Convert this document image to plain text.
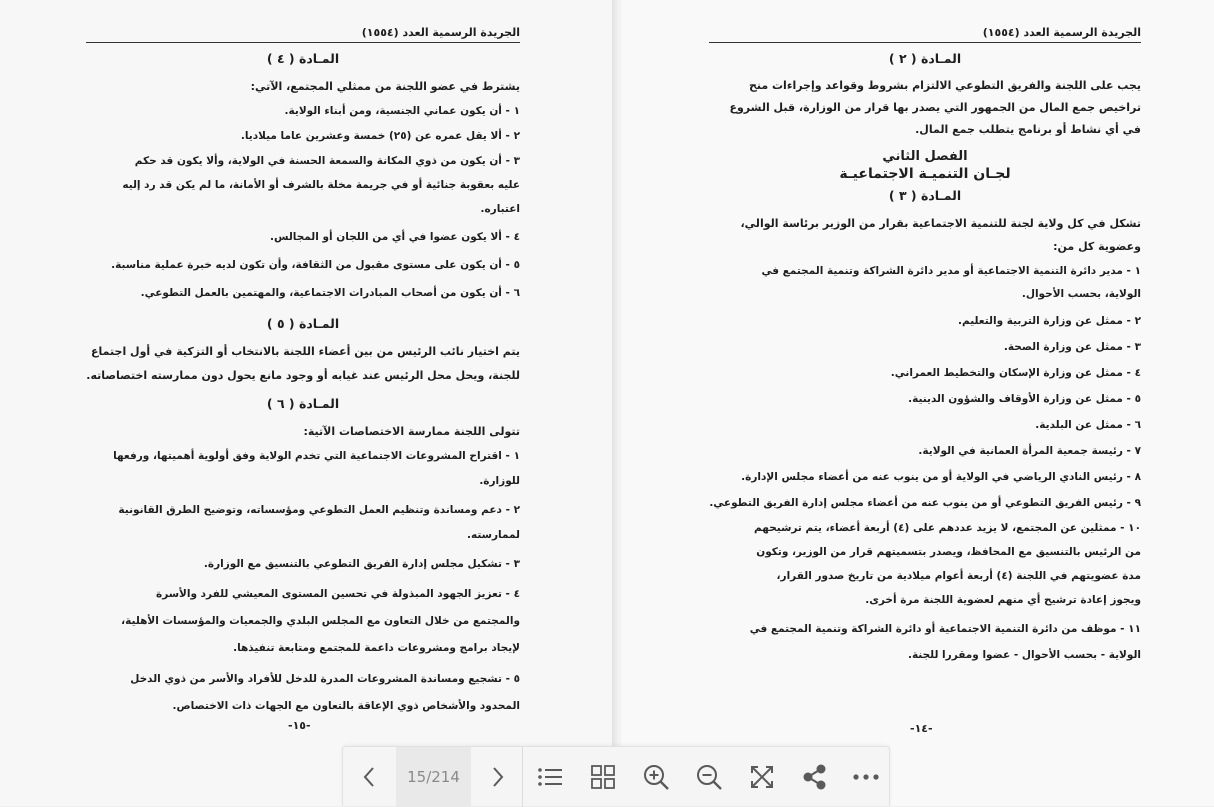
الجريدة الرسمية العدد (١٥٥٤)
المـادة ( ٤ )
يشترط في عضو اللجنة من ممثلي المجتمع، الآتي:
١ - أن يكون عماني الجنسية، ومن أبناء الولاية.
٢ - ألا يقل عمره عن (٢٥) خمسة وعشرين عاما ميلاديا.
٣ - أن يكون من ذوي المكانة والسمعة الحسنة في الولاية، وألا يكون قد حكم عليه بعقوبة جنائية أو في جريمة مخلة بالشرف أو الأمانة، ما لم يكن قد رد إليه اعتباره.
٤ - ألا يكون عضوا في أي من اللجان أو المجالس.
٥ - أن يكون على مستوى مقبول من الثقافة، وأن تكون لديه خبرة عملية مناسبة.
٦ - أن يكون من أصحاب المبادرات الاجتماعية، والمهتمين بالعمل التطوعي.
المـادة ( ٥ )
يتم اختيار نائب الرئيس من بين أعضاء اللجنة بالانتخاب أو التزكية في أول اجتماع للجنة، ويحل محل الرئيس عند غيابه أو وجود مانع يحول دون ممارسته اختصاصاته.
المـادة ( ٦ )
تتولى اللجنة ممارسة الاختصاصات الآتية:
١ - اقتراح المشروعات الاجتماعية التي تخدم الولاية وفق أولوية أهميتها، ورفعها للوزارة.
٢ - دعم ومساندة وتنظيم العمل التطوعي ومؤسساته، وتوضيح الطرق القانونية لممارسته.
٣ - تشكيل مجلس إدارة الفريق التطوعي بالتنسيق مع الوزارة.
٤ - تعزيز الجهود المبذولة في تحسين المستوى المعيشي للفرد والأسرة والمجتمع من خلال التعاون مع المجلس البلدي والجمعيات والمؤسسات الأهلية، لإيجاد برامج ومشروعات داعمة للمجتمع ومتابعة تنفيذها.
٥ - تشجيع ومساندة المشروعات المدرة للدخل للأفراد والأسر من ذوي الدخل المحدود والأشخاص ذوي الإعاقة بالتعاون مع الجهات ذات الاختصاص.
-١٥-
الجريدة الرسمية العدد (١٥٥٤)
المـادة ( ٢ )
يجب على اللجنة والفريق التطوعي الالتزام بشروط وقواعد وإجراءات منح تراخيص جمع المال من الجمهور التي يصدر بها قرار من الوزارة، قبل الشروع في أي نشاط أو برنامج يتطلب جمع المال.
الفصل الثاني
لجـان التنميـة الاجتماعيـة
المـادة ( ٣ )
تشكل في كل ولاية لجنة للتنمية الاجتماعية بقرار من الوزير برئاسة الوالي، وعضوية كل من:
١ - مدير دائرة التنمية الاجتماعية أو مدير دائرة الشراكة وتنمية المجتمع في الولاية، بحسب الأحوال.
٢ - ممثل عن وزارة التربية والتعليم.
٣ - ممثل عن وزارة الصحة.
٤ - ممثل عن وزارة الإسكان والتخطيط العمراني.
٥ - ممثل عن وزارة الأوقاف والشؤون الدينية.
٦ - ممثل عن البلدية.
٧ - رئيسة جمعية المرأة العمانية في الولاية.
٨ - رئيس النادي الرياضي في الولاية أو من ينوب عنه من أعضاء مجلس الإدارة.
٩ - رئيس الفريق التطوعي أو من ينوب عنه من أعضاء مجلس إدارة الفريق التطوعي.
١٠ - ممثلين عن المجتمع، لا يزيد عددهم على (٤) أربعة أعضاء، يتم ترشيحهم من الرئيس بالتنسيق مع المحافظ، ويصدر بتسميتهم قرار من الوزير، وتكون مدة عضويتهم في اللجنة (٤) أربعة أعوام ميلادية من تاريخ صدور القرار، ويجوز إعادة ترشيح أي منهم لعضوية اللجنة مرة أخرى.
١١ - موظف من دائرة التنمية الاجتماعية أو دائرة الشراكة وتنمية المجتمع في الولاية - بحسب الأحوال - عضوا ومقررا للجنة.
-١٤-
15/214
